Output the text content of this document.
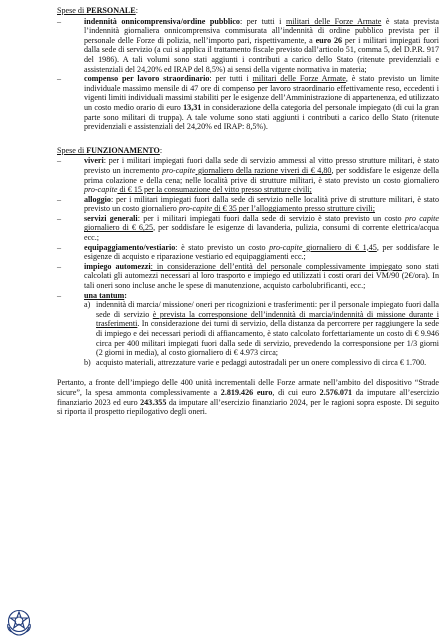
Spese di PERSONALE:

–	indennità onnicomprensiva/ordine pubblico: per tutti i militari delle Forze Armate è stata prevista l’indennità giornaliera onnicomprensiva commisurata all’indennità di ordine pubblico prevista per il personale delle Forze di polizia, nell’importo pari, rispettivamente, a euro 26 per i militari impiegati fuori dalla sede di servizio (a cui si applica il trattamento fiscale previsto dall’articolo 51, comma 5, del D.P.R. 917 del 1986). A tali volumi sono stati aggiunti i contributi a carico dello Stato (ritenute previdenziali e assistenziali del 24,20% ed IRAP del 8,5%) ai sensi della vigente normativa in materia;
–	compenso per lavoro straordinario: per tutti i militari delle Forze Armate, è stato previsto un limite individuale massimo mensile di 47 ore di compenso per lavoro straordinario effettivamente reso, eccedenti i vigenti limiti individuali massimi stabiliti per le esigenze dell’Amministrazione di appartenenza, ed utilizzato un costo medio orario di euro 13,31 in considerazione della categoria del personale impiegato (di cui la gran parte sono militari di truppa). A tale volume sono stati aggiunti i contributi a carico dello Stato (ritenute previdenziali e assistenziali del 24,20% ed IRAP: 8,5%).

Spese di FUNZIONAMENTO:

–	viveri: per i militari impiegati fuori dalla sede di servizio ammessi al vitto presso strutture militari, è stato previsto un incremento pro-capite giornaliero della razione viveri di € 4,80, per soddisfare le esigenze della prima colazione e della cena; nelle località prive di strutture militari, è stato previsto un costo giornaliero pro-capite di € 15 per la consumazione del vitto presso strutture civili;
–	alloggio: per i militari impiegati fuori dalla sede di servizio nelle località prive di strutture militari, è stato previsto un costo giornaliero pro-capite di € 35 per l’alloggiamento presso strutture civili;
–	servizi generali: per i militari impiegati fuori dalla sede di servizio è stato previsto un costo pro capite giornaliero di € 6,25, per soddisfare le esigenze di lavanderia, pulizia, consumi di corrente elettrica/acqua ecc.;
–	equipaggiamento/vestiario: è stato previsto un costo pro-capite giornaliero di € 1,45, per soddisfare le esigenze di acquisto e riparazione vestiario ed equipaggiamenti ecc.;
–	impiego automezzi: in considerazione dell’entità del personale complessivamente impiegato sono stati calcolati gli automezzi necessari al loro trasporto e impiego ed utilizzati i costi orari dei VM/90 (2€/ora). In tali oneri sono incluse anche le spese di manutenzione, acquisto carbolubrificanti, ecc.;
–	una tantum:
a) indennità di marcia/ missione/ oneri per ricognizioni e trasferimenti: per il personale impiegato fuori dalla sede di servizio è prevista la corresponsione dell’indennità di marcia/indennità di missione durante i trasferimenti. In considerazione dei turni di servizio, della distanza da percorrere per raggiungere la sede di impiego e dei necessari periodi di affiancamento, è stato calcolato forfettariamente un costo di € 9.946 circa per 400 militari impiegati fuori dalla sede di servizio, prevedendo la corresponsione per 1/3 giorni (2 giorni in media), al costo giornaliero di € 4.973 circa;
b) acquisto materiali, attrezzature varie e pedaggi autostradali per un onere complessivo di circa € 1.700.

Pertanto, a fronte dell’impiego delle 400 unità incrementali delle Forze armate nell’ambito del dispositivo “Strade sicure”, la spesa ammonta complessivamente a 2.819.426 euro, di cui euro 2.576.071 da imputare all’esercizio finanziario 2023 ed euro 243.355 da imputare all’esercizio finanziario 2024, per le ragioni sopra esposte. Di seguito si riporta il prospetto riepilogativo degli oneri.
